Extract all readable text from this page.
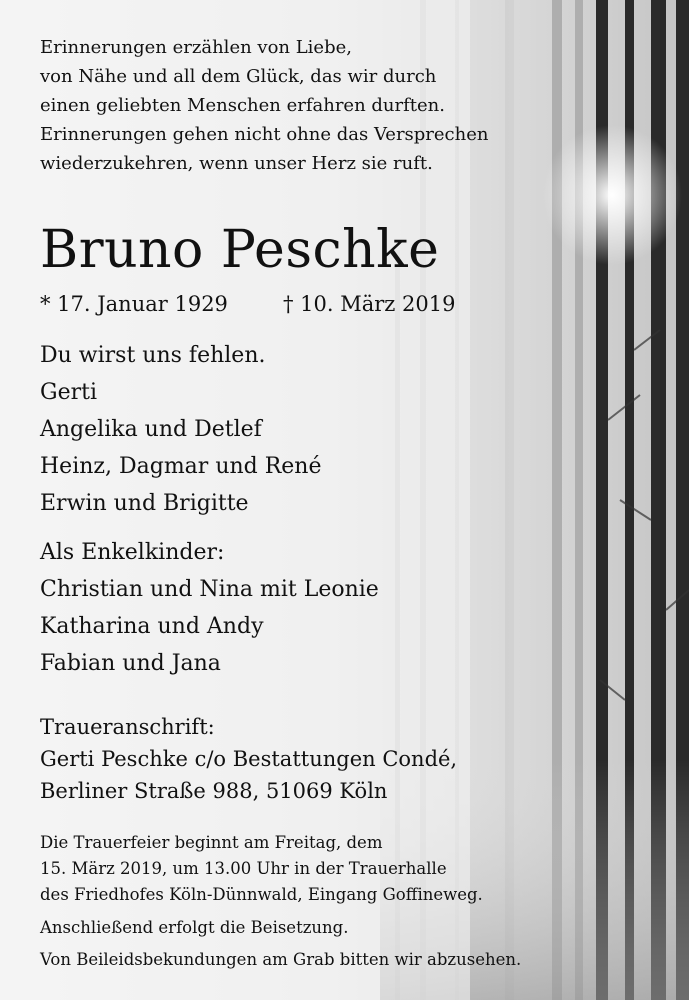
Erinnerungen erzählen von Liebe,
von Nähe und all dem Glück, das wir durch
einen geliebten Menschen erfahren durften.
Erinnerungen gehen nicht ohne das Versprechen
wiederzukehren, wenn unser Herz sie ruft.
Bruno Peschke
* 17. Januar 1929	† 10. März 2019
Du wirst uns fehlen.
Gerti
Angelika und Detlef
Heinz, Dagmar und René
Erwin und Brigitte
Als Enkelkinder:
Christian und Nina mit Leonie
Katharina und Andy
Fabian und Jana
Traueranschrift:
Gerti Peschke c/o Bestattungen Condé,
Berliner Straße 988, 51069 Köln
Die Trauerfeier beginnt am Freitag, dem
15. März 2019, um 13.00 Uhr in der Trauerhalle
des Friedhofes Köln-Dünnwald, Eingang Goffineweg.
Anschließend erfolgt die Beisetzung.
Von Beileidsbekundungen am Grab bitten wir abzusehen.
